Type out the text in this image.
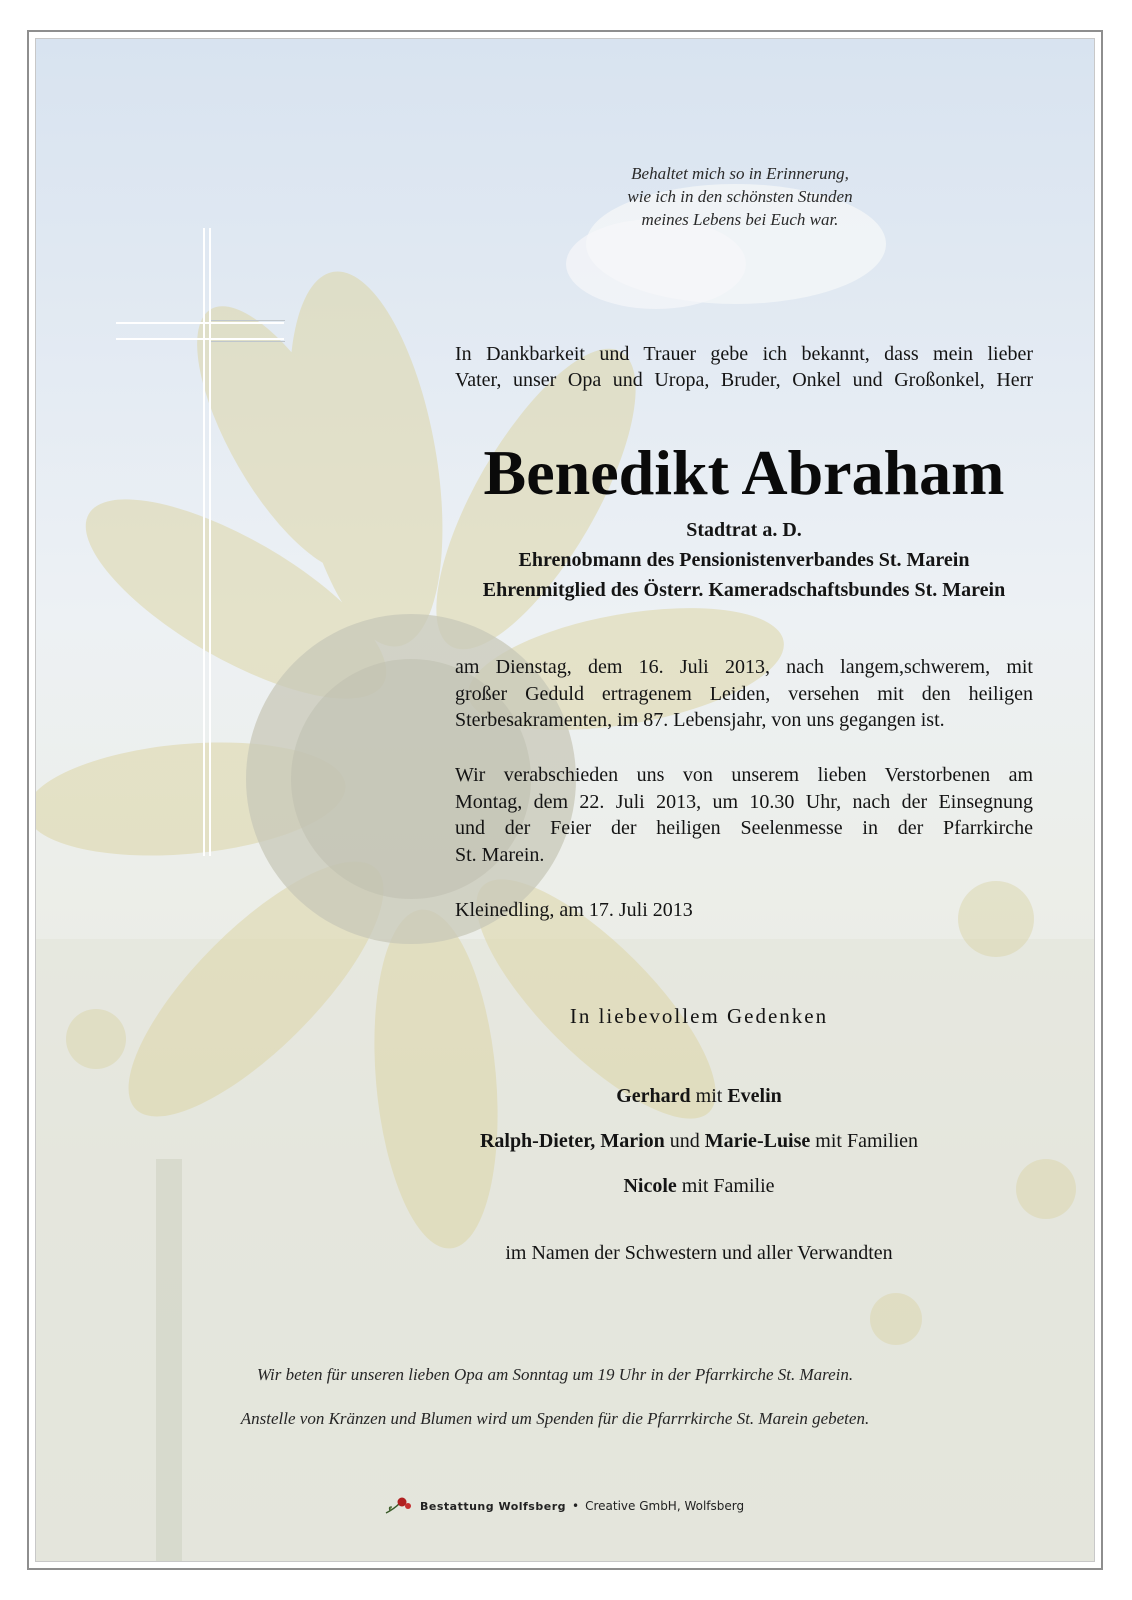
Behaltet mich so in Erinnerung,
wie ich in den schönsten Stunden
meines Lebens bei Euch war.
In Dankbarkeit und Trauer gebe ich bekannt, dass mein lieber
Vater, unser Opa und Uropa, Bruder, Onkel und Großonkel, Herr
Benedikt Abraham
Stadtrat a. D.
Ehrenobmann des Pensionistenverbandes St. Marein
Ehrenmitglied des Österr. Kameradschaftsbundes St. Marein
am Dienstag, dem 16. Juli 2013, nach langem,schwerem, mit
großer Geduld ertragenem Leiden, versehen mit den heiligen
Sterbesakramenten, im 87. Lebensjahr, von uns gegangen ist.
Wir verabschieden uns von unserem lieben Verstorbenen am
Montag, dem 22. Juli 2013, um 10.30 Uhr, nach der Einsegnung
und der Feier der heiligen Seelenmesse in der Pfarrkirche
St. Marein.
Kleinedling, am 17. Juli 2013
In liebevollem Gedenken
Gerhard mit Evelin
Ralph-Dieter, Marion und Marie-Luise mit Familien
Nicole mit Familie
im Namen der Schwestern und aller Verwandten
Wir beten für unseren lieben Opa am Sonntag um 19 Uhr in der Pfarrkirche St. Marein.
Anstelle von Kränzen und Blumen wird um Spenden für die Pfarrrkirche St. Marein gebeten.
Bestattung Wolfsberg • Creative GmbH, Wolfsberg
